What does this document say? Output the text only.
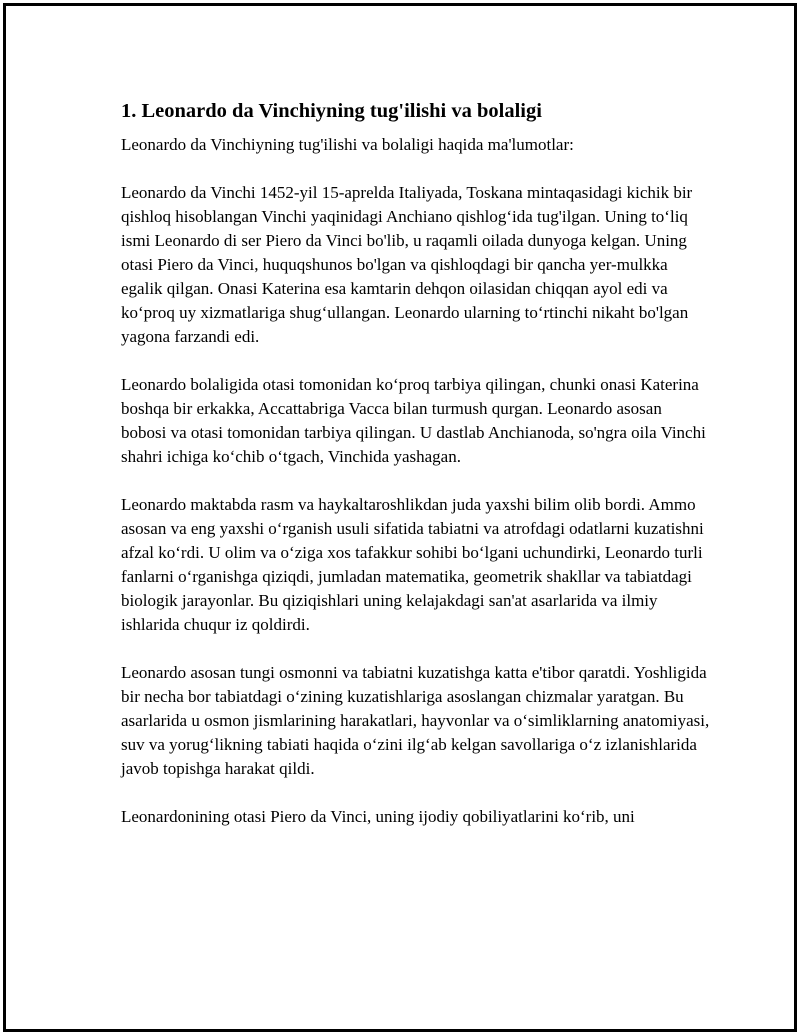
1. Leonardo da Vinchiyning tug'ilishi va bolaligi

Leonardo da Vinchiyning tug'ilishi va bolaligi haqida ma'lumotlar:

Leonardo da Vinchi 1452-yil 15-aprelda Italiyada, Toskana mintaqasidagi kichik bir qishloq hisoblangan Vinchi yaqinidagi Anchiano qishlog‘ida tug'ilgan. Uning to‘liq ismi Leonardo di ser Piero da Vinci bo'lib, u raqamli oilada dunyoga kelgan. Uning otasi Piero da Vinci, huquqshunos bo'lgan va qishloqdagi bir qancha yer-mulkka egalik qilgan. Onasi Katerina esa kamtarin dehqon oilasidan chiqqan ayol edi va ko‘proq uy xizmatlariga shug‘ullangan. Leonardo ularning to‘rtinchi nikaht bo'lgan yagona farzandi edi.

Leonardo bolaligida otasi tomonidan ko‘proq tarbiya qilingan, chunki onasi Katerina boshqa bir erkakka, Accattabriga Vacca bilan turmush qurgan. Leonardo asosan bobosi va otasi tomonidan tarbiya qilingan. U dastlab Anchianoda, so'ngra oila Vinchi shahri ichiga ko‘chib o‘tgach, Vinchida yashagan.

Leonardo maktabda rasm va haykaltaroshlikdan juda yaxshi bilim olib bordi. Ammo asosan va eng yaxshi o‘rganish usuli sifatida tabiatni va atrofdagi odatlarni kuzatishni afzal ko‘rdi. U olim va o‘ziga xos tafakkur sohibi bo‘lgani uchundirki, Leonardo turli fanlarni o‘rganishga qiziqdi, jumladan matematika, geometrik shakllar va tabiatdagi biologik jarayonlar. Bu qiziqishlari uning kelajakdagi san'at asarlarida va ilmiy ishlarida chuqur iz qoldirdi.

Leonardo asosan tungi osmonni va tabiatni kuzatishga katta e'tibor qaratdi. Yoshligida bir necha bor tabiatdagi o‘zining kuzatishlariga asoslangan chizmalar yaratgan. Bu asarlarida u osmon jismlarining harakatlari, hayvonlar va o‘simliklarning anatomiyasi, suv va yorug‘likning tabiati haqida o‘zini ilg‘ab kelgan savollariga o‘z izlanishlarida javob topishga harakat qildi.

Leonardonining otasi Piero da Vinci, uning ijodiy qobiliyatlarini ko‘rib, uni
